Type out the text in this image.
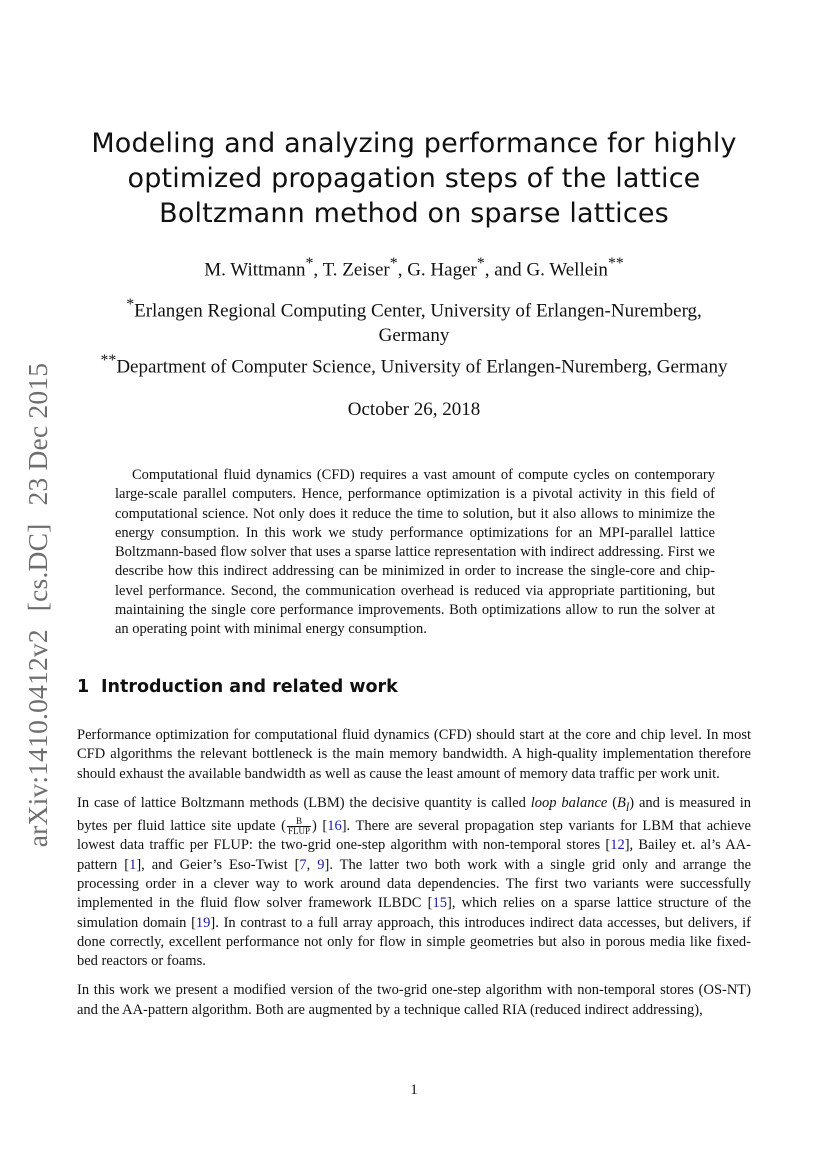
arXiv:1410.0412v2[cs.DC]23 Dec 2015
Modeling and analyzing performance for highly
optimized propagation steps of the lattice
Boltzmann method on sparse lattices
M. Wittmann*, T. Zeiser*, G. Hager*, and G. Wellein**

*Erlangen Regional Computing Center, University of Erlangen-Nuremberg,
Germany

**Department of Computer Science, University of Erlangen-Nuremberg, Germany

October 26, 2018

Computational fluid dynamics (CFD) requires a vast amount of compute cycles on contemporary large-scale parallel computers. Hence, performance optimization is a pivotal activity in this field of computational science. Not only does it reduce the time to solution, but it also allows to minimize the energy consumption. In this work we study performance optimizations for an MPI-parallel lattice Boltzmann-based flow solver that uses a sparse lattice representation with indirect addressing. First we describe how this indirect addressing can be minimized in order to increase the single-core and chip-level performance. Second, the communication overhead is reduced via appropriate partitioning, but maintaining the single core performance improvements. Both optimizations allow to run the solver at an operating point with minimal energy consumption.

1 Introduction and related work

Performance optimization for computational fluid dynamics (CFD) should start at the core and chip level. In most CFD algorithms the relevant bottleneck is the main memory bandwidth. A high-quality implementation therefore should exhaust the available bandwidth as well as cause the least amount of memory data traffic per work unit.

In case of lattice Boltzmann methods (LBM) the decisive quantity is called loop balance $(B_l)$ and is measured in bytes per fluid lattice site update ( $\frac{B}{\text{FLUP}}$ ) [16]. There are several propagation step variants for LBM that achieve lowest data traffic per FLUP: the two-grid one-step algorithm with non-temporal stores [12], Bailey et. al’s AA-pattern [1], and Geier’s Eso-Twist [7, 9]. The latter two both work with a single grid only and arrange the processing order in a clever way to work around data dependencies. The first two variants were successfully implemented in the fluid flow solver framework ILBDC [15], which relies on a sparse lattice structure of the simulation domain [19]. In contrast to a full array approach, this introduces indirect data accesses, but delivers, if done correctly, excellent performance not only for flow in simple geometries but also in porous media like fixed-bed reactors or foams.

In this work we present a modified version of the two-grid one-step algorithm with non-temporal stores (OS-NT) and the AA-pattern algorithm. Both are augmented by a technique called RIA (reduced indirect addressing),

1
